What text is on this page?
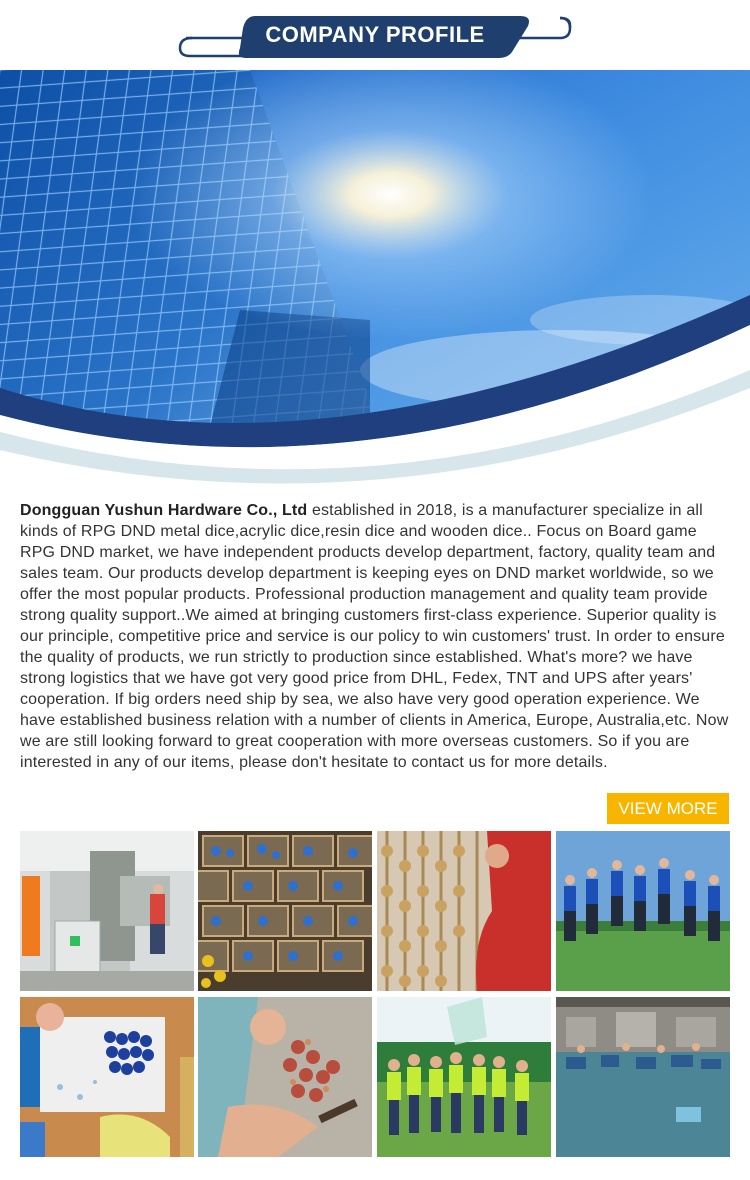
COMPANY PROFILE

Dongguan Yushun Hardware Co., Ltd established in 2018, is a manufacturer specialize in all kinds of RPG DND metal dice,acrylic dice,resin dice and wooden dice.. Focus on Board game RPG DND market, we have independent products develop department, factory, quality team and sales team. Our products develop department is keeping eyes on DND market worldwide, so we offer the most popular products. Professional production management and quality team provide strong quality support..We aimed at bringing customers first-class experience. Superior quality is our principle, competitive price and service is our policy to win customers' trust. In order to ensure the quality of products, we run strictly to production since established. What's more? we have strong logistics that we have got very good price from DHL, Fedex, TNT and UPS after years' cooperation. If big orders need ship by sea, we also have very good operation experience. We have established business relation with a number of clients in America, Europe, Australia,etc. Now we are still looking forward to great cooperation with more overseas customers. So if you are interested in any of our items, please don't hesitate to contact us for more details.

VIEW MORE
